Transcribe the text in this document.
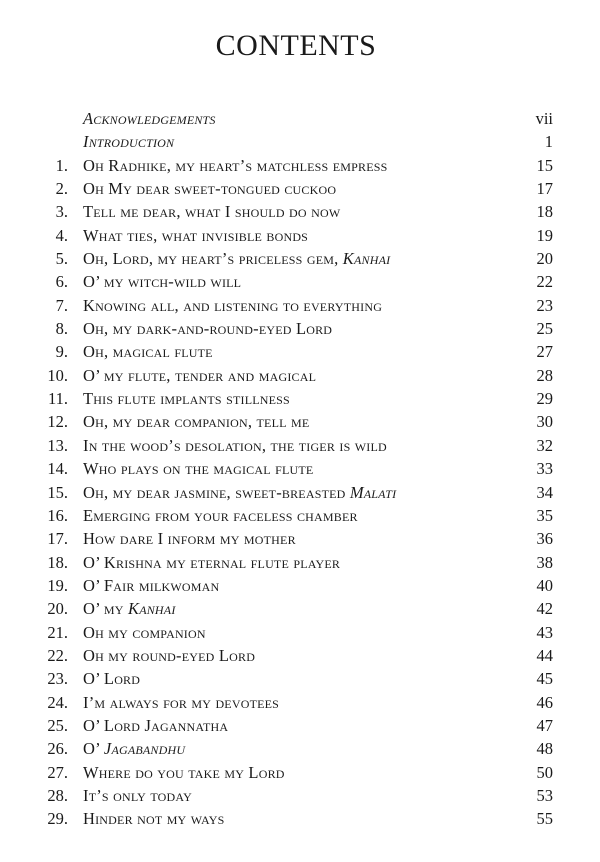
CONTENTS
Acknowledgements	vii
Introduction	1
1. Oh Radhike, my heart’s matchless empress	15
2. Oh My dear sweet-tongued cuckoo	17
3. Tell me dear, what I should do now	18
4. What ties, what invisible bonds	19
5. Oh, Lord, my heart’s priceless gem, Kanhai	20
6. O’ my witch-wild will	22
7. Knowing all, and listening to everything	23
8. Oh, my dark-and-round-eyed Lord	25
9. Oh, magical flute	27
10. O’ my flute, tender and magical	28
11. This flute implants stillness	29
12. Oh, my dear companion, tell me	30
13. In the wood’s desolation, the tiger is wild	32
14. Who plays on the magical flute	33
15. Oh, my dear jasmine, sweet-breasted Malati	34
16. Emerging from your faceless chamber	35
17. How dare I inform my mother	36
18. O’ Krishna my eternal flute player	38
19. O’ Fair milkwoman	40
20. O’ my Kanhai	42
21. Oh my companion	43
22. Oh my round-eyed Lord	44
23. O’ Lord	45
24. I’m always for my devotees	46
25. O’ Lord Jagannatha	47
26. O’ Jagabandhu	48
27. Where do you take my Lord	50
28. It’s only today	53
29. Hinder not my ways	55
